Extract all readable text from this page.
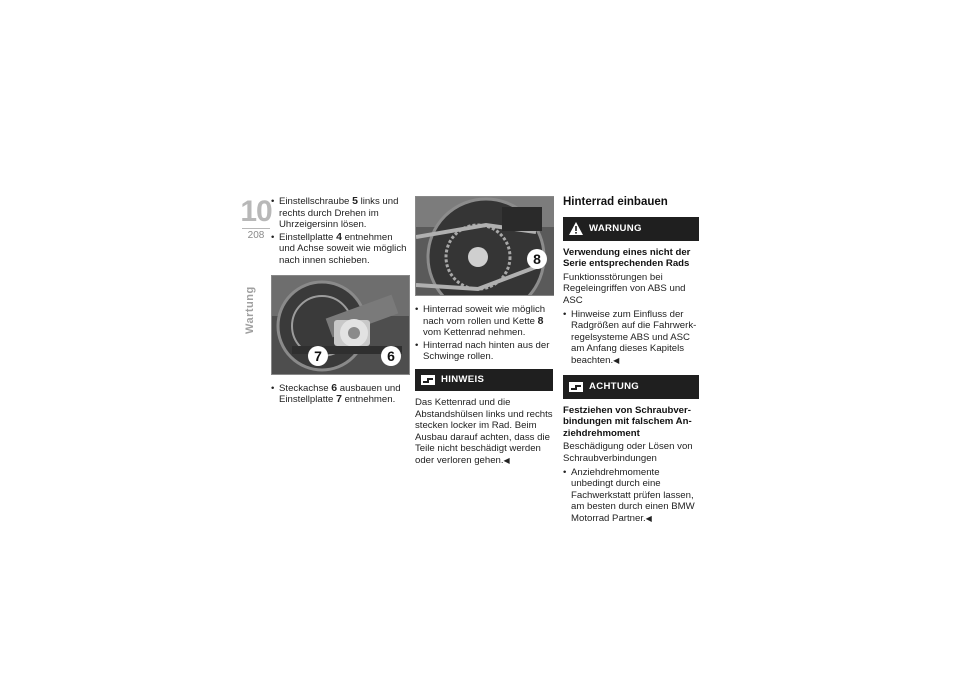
10
208
Wartung
• Einstellschraube 5 links und rechts durch Drehen im Uhrzeigersinn lösen.
• Einstellplatte 4 entnehmen und Achse soweit wie möglich nach innen schieben.
7	6
• Steckachse 6 ausbauen und Einstellplatte 7 entnehmen.
8
• Hinterrad soweit wie möglich nach vorn rollen und Kette 8 vom Kettenrad nehmen.
• Hinterrad nach hinten aus der Schwinge rollen.
HINWEIS

Das Kettenrad und die Abstandshülsen links und rechts stecken locker im Rad. Beim Ausbau darauf achten, dass die Teile nicht beschädigt werden oder verloren gehen.◀

Hinterrad einbauen
WARNUNG

Verwendung eines nicht der Serie entsprechenden Rads

Funktionsstörungen bei Regeleingriffen von ABS und ASC

• Hinweise zum Einfluss der Radgrößen auf die Fahrwerkregelsysteme ABS und ASC am Anfang dieses Kapitels beachten.◀
ACHTUNG

Festziehen von Schraubverbindungen mit falschem Anziehdrehmoment

Beschädigung oder Lösen von Schraubverbindungen

• Anziehdrehmomente unbedingt durch eine Fachwerkstatt prüfen lassen, am besten durch einen BMW Motorrad Partner.◀
